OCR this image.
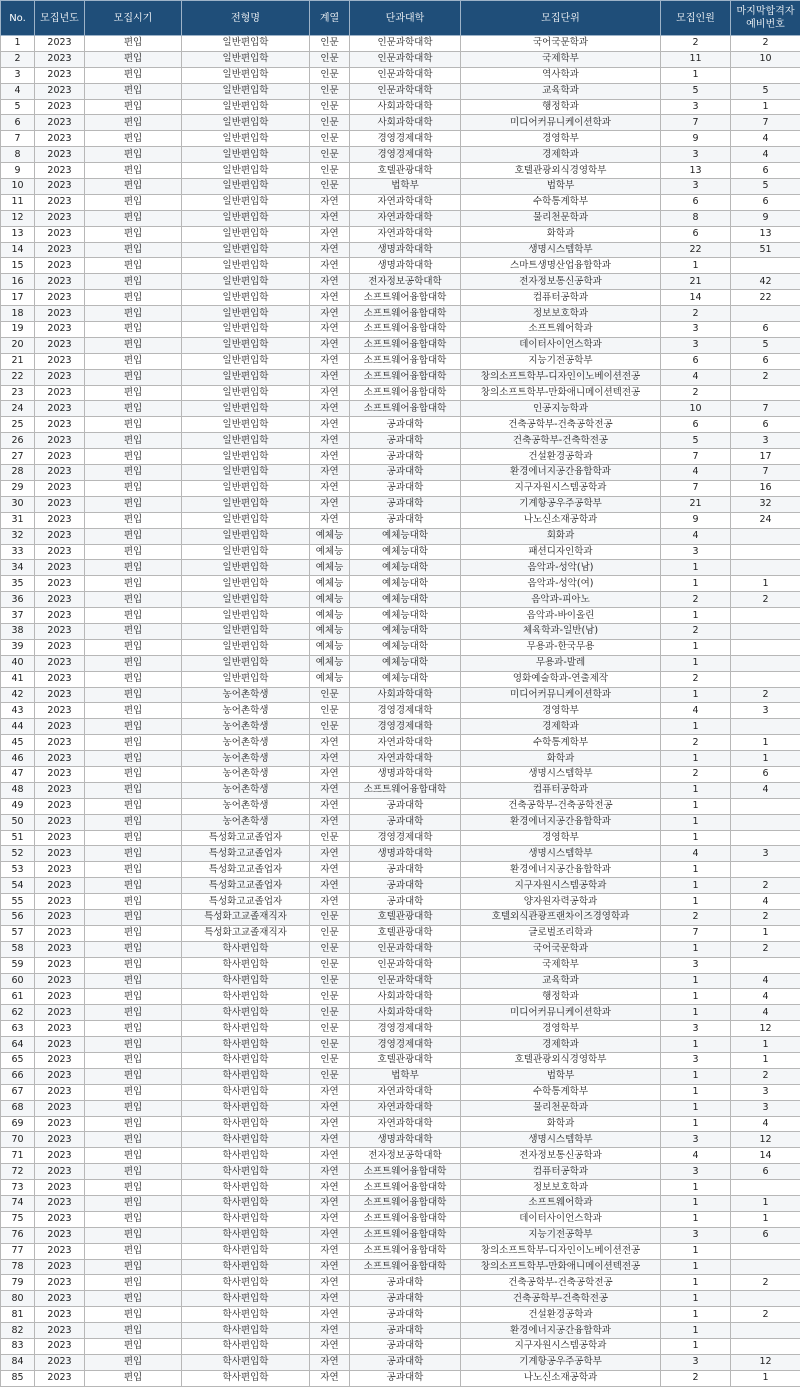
No.	모집년도	모집시기	전형명	계열	단과대학	모집단위	모집인원	마지막합격자
예비번호

1	2023	편입	일반편입학	인문	인문과학대학	국어국문학과	2	2
2	2023	편입	일반편입학	인문	인문과학대학	국제학부	11	10
3	2023	편입	일반편입학	인문	인문과학대학	역사학과	1	
4	2023	편입	일반편입학	인문	인문과학대학	교육학과	5	5
5	2023	편입	일반편입학	인문	사회과학대학	행정학과	3	1
6	2023	편입	일반편입학	인문	사회과학대학	미디어커뮤니케이션학과	7	7
7	2023	편입	일반편입학	인문	경영경제대학	경영학부	9	4
8	2023	편입	일반편입학	인문	경영경제대학	경제학과	3	4
9	2023	편입	일반편입학	인문	호텔관광대학	호텔관광외식경영학부	13	6
10	2023	편입	일반편입학	인문	법학부	법학부	3	5
11	2023	편입	일반편입학	자연	자연과학대학	수학통계학부	6	6
12	2023	편입	일반편입학	자연	자연과학대학	물리천문학과	8	9
13	2023	편입	일반편입학	자연	자연과학대학	화학과	6	13
14	2023	편입	일반편입학	자연	생명과학대학	생명시스템학부	22	51
15	2023	편입	일반편입학	자연	생명과학대학	스마트생명산업융합학과	1	
16	2023	편입	일반편입학	자연	전자정보공학대학	전자정보통신공학과	21	42
17	2023	편입	일반편입학	자연	소프트웨어융합대학	컴퓨터공학과	14	22
18	2023	편입	일반편입학	자연	소프트웨어융합대학	정보보호학과	2	
19	2023	편입	일반편입학	자연	소프트웨어융합대학	소프트웨어학과	3	6
20	2023	편입	일반편입학	자연	소프트웨어융합대학	데이터사이언스학과	3	5
21	2023	편입	일반편입학	자연	소프트웨어융합대학	지능기전공학부	6	6
22	2023	편입	일반편입학	자연	소프트웨어융합대학	창의소프트학부-디자인이노베이션전공	4	2
23	2023	편입	일반편입학	자연	소프트웨어융합대학	창의소프트학부-만화애니메이션텍전공	2	
24	2023	편입	일반편입학	자연	소프트웨어융합대학	인공지능학과	10	7
25	2023	편입	일반편입학	자연	공과대학	건축공학부-건축공학전공	6	6
26	2023	편입	일반편입학	자연	공과대학	건축공학부-건축학전공	5	3
27	2023	편입	일반편입학	자연	공과대학	건설환경공학과	7	17
28	2023	편입	일반편입학	자연	공과대학	환경에너지공간융합학과	4	7
29	2023	편입	일반편입학	자연	공과대학	지구자원시스템공학과	7	16
30	2023	편입	일반편입학	자연	공과대학	기계항공우주공학부	21	32
31	2023	편입	일반편입학	자연	공과대학	나노신소재공학과	9	24
32	2023	편입	일반편입학	예체능	예체능대학	회화과	4	
33	2023	편입	일반편입학	예체능	예체능대학	패션디자인학과	3	
34	2023	편입	일반편입학	예체능	예체능대학	음악과-성악(남)	1	
35	2023	편입	일반편입학	예체능	예체능대학	음악과-성악(여)	1	1
36	2023	편입	일반편입학	예체능	예체능대학	음악과-피아노	2	2
37	2023	편입	일반편입학	예체능	예체능대학	음악과-바이올린	1	
38	2023	편입	일반편입학	예체능	예체능대학	체육학과-일반(남)	2	
39	2023	편입	일반편입학	예체능	예체능대학	무용과-한국무용	1	
40	2023	편입	일반편입학	예체능	예체능대학	무용과-발레	1	
41	2023	편입	일반편입학	예체능	예체능대학	영화예술학과-연출제작	2	
42	2023	편입	농어촌학생	인문	사회과학대학	미디어커뮤니케이션학과	1	2
43	2023	편입	농어촌학생	인문	경영경제대학	경영학부	4	3
44	2023	편입	농어촌학생	인문	경영경제대학	경제학과	1	
45	2023	편입	농어촌학생	자연	자연과학대학	수학통계학부	2	1
46	2023	편입	농어촌학생	자연	자연과학대학	화학과	1	1
47	2023	편입	농어촌학생	자연	생명과학대학	생명시스템학부	2	6
48	2023	편입	농어촌학생	자연	소프트웨어융합대학	컴퓨터공학과	1	4
49	2023	편입	농어촌학생	자연	공과대학	건축공학부-건축공학전공	1	
50	2023	편입	농어촌학생	자연	공과대학	환경에너지공간융합학과	1	
51	2023	편입	특성화고교졸업자	인문	경영경제대학	경영학부	1	
52	2023	편입	특성화고교졸업자	자연	생명과학대학	생명시스템학부	4	3
53	2023	편입	특성화고교졸업자	자연	공과대학	환경에너지공간융합학과	1	
54	2023	편입	특성화고교졸업자	자연	공과대학	지구자원시스템공학과	1	2
55	2023	편입	특성화고교졸업자	자연	공과대학	양자원자력공학과	1	4
56	2023	편입	특성화고교졸재직자	인문	호텔관광대학	호텔외식관광프랜차이즈경영학과	2	2
57	2023	편입	특성화고교졸재직자	인문	호텔관광대학	글로벌조리학과	7	1
58	2023	편입	학사편입학	인문	인문과학대학	국어국문학과	1	2
59	2023	편입	학사편입학	인문	인문과학대학	국제학부	3	
60	2023	편입	학사편입학	인문	인문과학대학	교육학과	1	4
61	2023	편입	학사편입학	인문	사회과학대학	행정학과	1	4
62	2023	편입	학사편입학	인문	사회과학대학	미디어커뮤니케이션학과	1	4
63	2023	편입	학사편입학	인문	경영경제대학	경영학부	3	12
64	2023	편입	학사편입학	인문	경영경제대학	경제학과	1	1
65	2023	편입	학사편입학	인문	호텔관광대학	호텔관광외식경영학부	3	1
66	2023	편입	학사편입학	인문	법학부	법학부	1	2
67	2023	편입	학사편입학	자연	자연과학대학	수학통계학부	1	3
68	2023	편입	학사편입학	자연	자연과학대학	물리천문학과	1	3
69	2023	편입	학사편입학	자연	자연과학대학	화학과	1	4
70	2023	편입	학사편입학	자연	생명과학대학	생명시스템학부	3	12
71	2023	편입	학사편입학	자연	전자정보공학대학	전자정보통신공학과	4	14
72	2023	편입	학사편입학	자연	소프트웨어융합대학	컴퓨터공학과	3	6
73	2023	편입	학사편입학	자연	소프트웨어융합대학	정보보호학과	1	
74	2023	편입	학사편입학	자연	소프트웨어융합대학	소프트웨어학과	1	1
75	2023	편입	학사편입학	자연	소프트웨어융합대학	데이터사이언스학과	1	1
76	2023	편입	학사편입학	자연	소프트웨어융합대학	지능기전공학부	3	6
77	2023	편입	학사편입학	자연	소프트웨어융합대학	창의소프트학부-디자인이노베이션전공	1	
78	2023	편입	학사편입학	자연	소프트웨어융합대학	창의소프트학부-만화애니메이션텍전공	1	
79	2023	편입	학사편입학	자연	공과대학	건축공학부-건축공학전공	1	2
80	2023	편입	학사편입학	자연	공과대학	건축공학부-건축학전공	1	
81	2023	편입	학사편입학	자연	공과대학	건설환경공학과	1	2
82	2023	편입	학사편입학	자연	공과대학	환경에너지공간융합학과	1	
83	2023	편입	학사편입학	자연	공과대학	지구자원시스템공학과	1	
84	2023	편입	학사편입학	자연	공과대학	기계항공우주공학부	3	12
85	2023	편입	학사편입학	자연	공과대학	나노신소재공학과	2	1
